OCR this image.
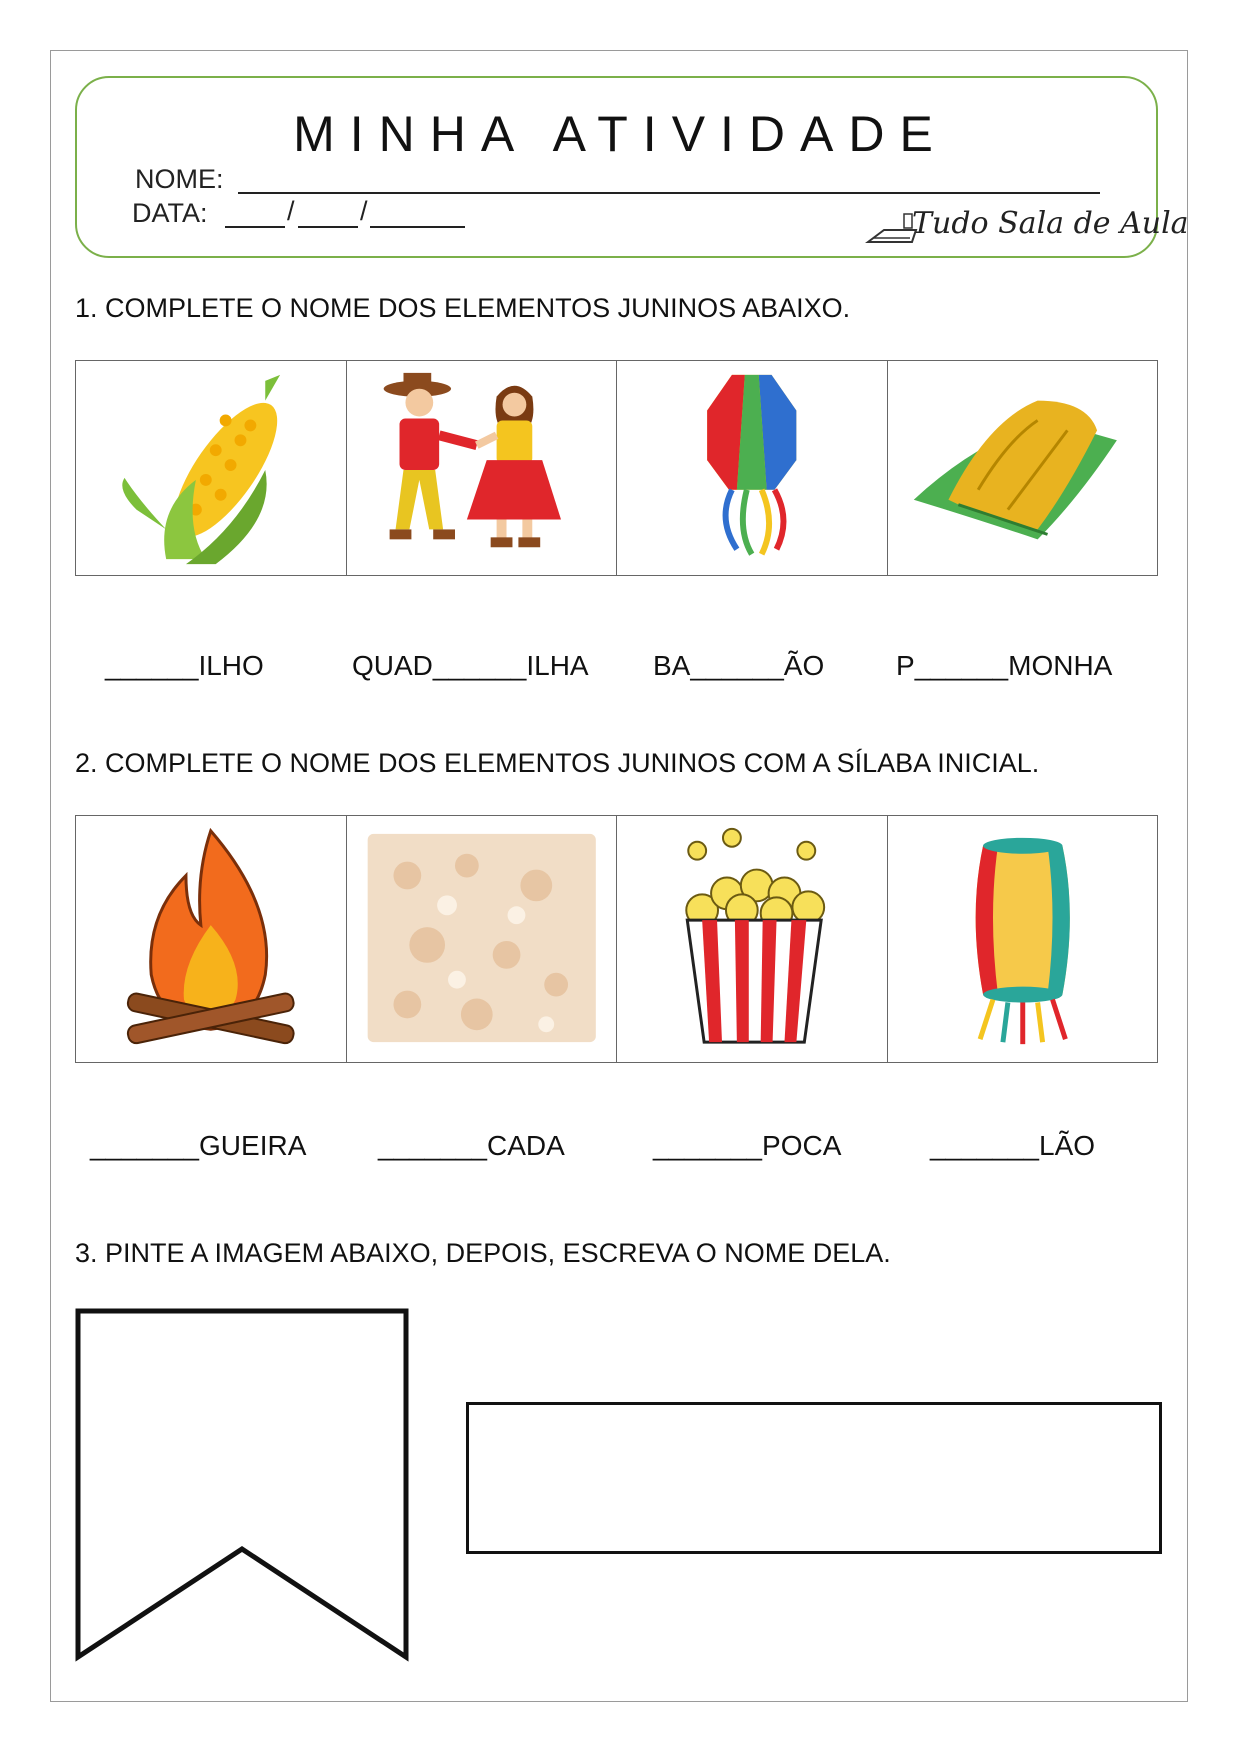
MINHA ATIVIDADE
NOME:
DATA:	/ /	Tudo Sala de Aula
1. COMPLETE O NOME DOS ELEMENTOS JUNINOS ABAIXO.
______ILHO	QUAD______ILHA BA______ÃO	P______MONHA
2. COMPLETE O NOME DOS ELEMENTOS JUNINOS COM A SÍLABA INICIAL.
_______GUEIRA	_______CADA	_______POCA	_______LÃO
3. PINTE A IMAGEM ABAIXO, DEPOIS, ESCREVA O NOME DELA.
